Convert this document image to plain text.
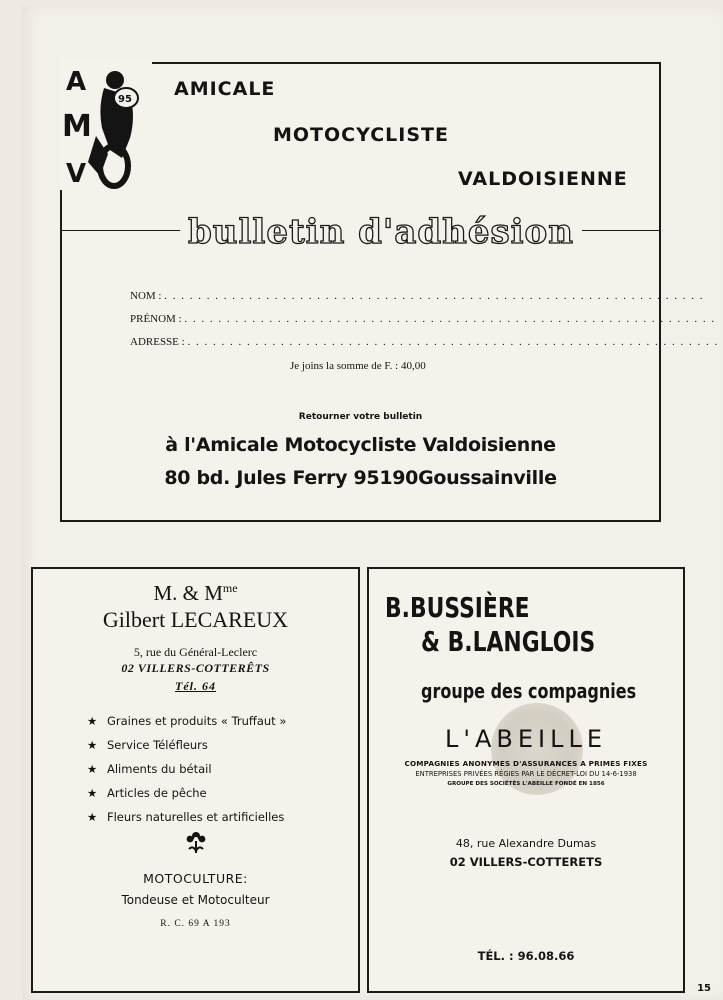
A
M
V
95 AMICALE
MOTOCYCLISTE
VALDOISIENNE
bulletin d'adhésion
NOM : . . . . . . . . . . . . . . . . . . . . . . . . . . . . . . . . . . . . . . . . . . . . . . . . . . . . . . . . . . . . . . . .
PRÉNOM : . . . . . . . . . . . . . . . . . . . . . . . . . . . . . . . . . . . . . . . . . . . . . . . . . . . . . . . . . . . . . . .
ADRESSE : . . . . . . . . . . . . . . . . . . . . . . . . . . . . . . . . . . . . . . . . . . . . . . . . . . . . . . . . . . . . . . .
Je joins la somme de F. : 40,00
Retourner votre bulletin
à l'Amicale Motocycliste Valdoisienne
80 bd. Jules Ferry 95190Goussainville
M. & $M^{me}$
Gilbert LECAREUX
5, rue du Général-Leclerc
02 VILLERS-COTTERÊTS
Tél. 64
★ Graines et produits « Truffaut »
★ Service Téléfleurs
★ Aliments du bétail
★ Articles de pêche
★ Fleurs naturelles et artificielles
MOTOCULTURE:
Tondeuse et Motoculteur
R. C. 69 A 193
B.BUSSIÈRE
& B.LANGLOIS
groupe des compagnies
L'ABEILLE
COMPAGNIES ANONYMES D'ASSURANCES A PRIMES FIXES
ENTREPRISES PRIVÉES RÉGIES PAR LE DÉCRET-LOI DU 14-6-1938
GROUPE DES SOCIÉTÉS L'ABEILLE FONDÉ EN 1856
48, rue Alexandre Dumas
02 VILLERS-COTTERETS
TÉL. : 96.08.66
15
